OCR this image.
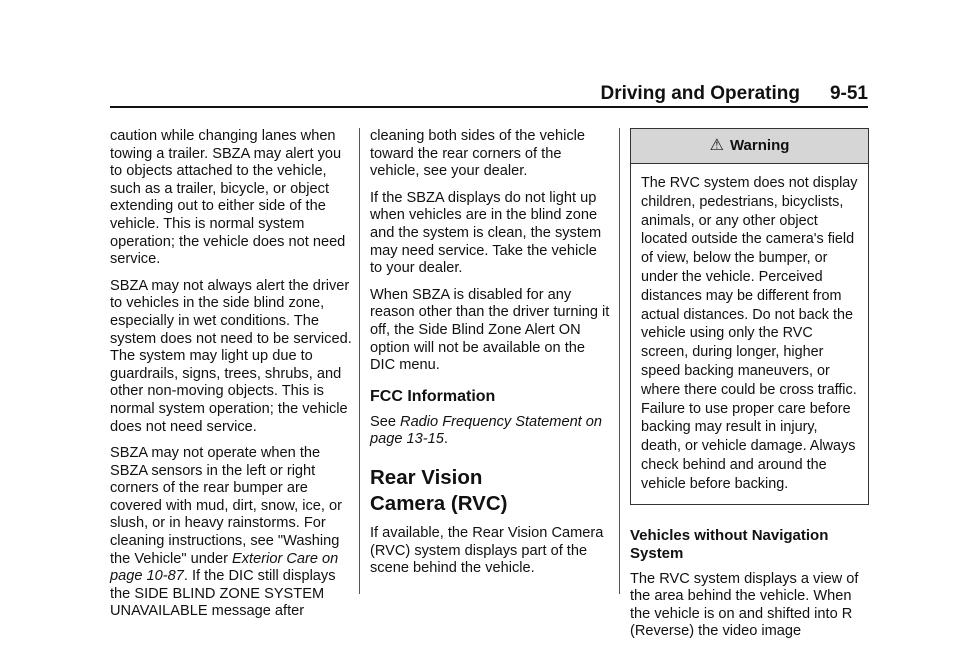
Driving and Operating 9-51

caution while changing lanes when towing a trailer. SBZA may alert you to objects attached to the vehicle, such as a trailer, bicycle, or object extending out to either side of the vehicle. This is normal system operation; the vehicle does not need service.

SBZA may not always alert the driver to vehicles in the side blind zone, especially in wet conditions. The system does not need to be serviced. The system may light up due to guardrails, signs, trees, shrubs, and other non-moving objects. This is normal system operation; the vehicle does not need service.

SBZA may not operate when the SBZA sensors in the left or right corners of the rear bumper are covered with mud, dirt, snow, ice, or slush, or in heavy rainstorms. For cleaning instructions, see "Washing the Vehicle" under Exterior Care on page 10-87. If the DIC still displays the SIDE BLIND ZONE SYSTEM UNAVAILABLE message after

cleaning both sides of the vehicle toward the rear corners of the vehicle, see your dealer.

If the SBZA displays do not light up when vehicles are in the blind zone and the system is clean, the system may need service. Take the vehicle to your dealer.

When SBZA is disabled for any reason other than the driver turning it off, the Side Blind Zone Alert ON option will not be available on the DIC menu.

FCC Information

See Radio Frequency Statement on page 13-15.

Rear Vision
Camera (RVC)

If available, the Rear Vision Camera (RVC) system displays part of the scene behind the vehicle.

⚠ Warning
The RVC system does not display children, pedestrians, bicyclists, animals, or any other object located outside the camera's field of view, below the bumper, or under the vehicle. Perceived distances may be different from actual distances. Do not back the vehicle using only the RVC screen, during longer, higher speed backing maneuvers, or where there could be cross traffic. Failure to use proper care before backing may result in injury, death, or vehicle damage. Always check behind and around the vehicle before backing.
Vehicles without Navigation
System

The RVC system displays a view of the area behind the vehicle. When the vehicle is on and shifted into R (Reverse) the video image
